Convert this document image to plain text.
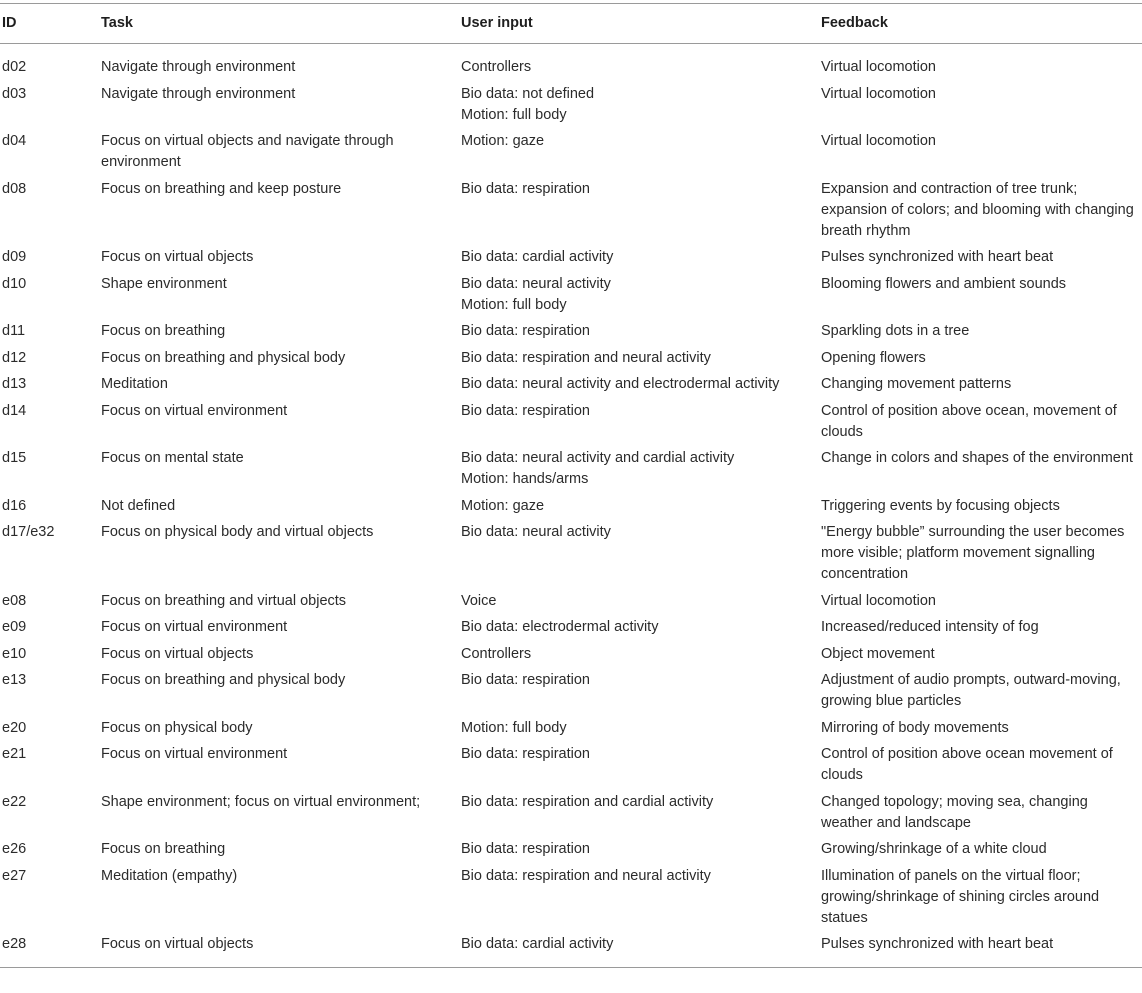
ID	Task	User input	Feedback
d02	Navigate through environment	Controllers	Virtual locomotion

d03	Navigate through environment	Bio data: not defined
Motion: full body	Virtual locomotion

d04	Focus on virtual objects and navigate through environment	Motion: gaze	Virtual locomotion

d08	Focus on breathing and keep posture	Bio data: respiration	Expansion and contraction of tree trunk; expansion of colors; and blooming with changing breath rhythm

d09	Focus on virtual objects	Bio data: cardial activity	Pulses synchronized with heart beat

d10	Shape environment	Bio data: neural activity
Motion: full body	Blooming flowers and ambient sounds

d11	Focus on breathing	Bio data: respiration	Sparkling dots in a tree

d12	Focus on breathing and physical body	Bio data: respiration and neural activity	Opening flowers

d13	Meditation	Bio data: neural activity and electrodermal activity	Changing movement patterns

d14	Focus on virtual environment	Bio data: respiration	Control of position above ocean, movement of clouds

d15	Focus on mental state	Bio data: neural activity and cardial activity
Motion: hands/arms	Change in colors and shapes of the environment

d16	Not defined	Motion: gaze	Triggering events by focusing objects

d17/e32	Focus on physical body and virtual objects	Bio data: neural activity	"Energy bubble” surrounding the user becomes more visible; platform movement signalling concentration

e08	Focus on breathing and virtual objects	Voice	Virtual locomotion

e09	Focus on virtual environment	Bio data: electrodermal activity	Increased/reduced intensity of fog

e10	Focus on virtual objects	Controllers	Object movement

e13	Focus on breathing and physical body	Bio data: respiration	Adjustment of audio prompts, outward-moving, growing blue particles

e20	Focus on physical body	Motion: full body	Mirroring of body movements

e21	Focus on virtual environment	Bio data: respiration	Control of position above ocean movement of clouds

e22	Shape environment; focus on virtual environment;	Bio data: respiration and cardial activity	Changed topology; moving sea, changing weather and landscape

e26	Focus on breathing	Bio data: respiration	Growing/shrinkage of a white cloud

e27	Meditation (empathy)	Bio data: respiration and neural activity	Illumination of panels on the virtual floor; growing/shrinkage of shining circles around statues

e28	Focus on virtual objects	Bio data: cardial activity	Pulses synchronized with heart beat
